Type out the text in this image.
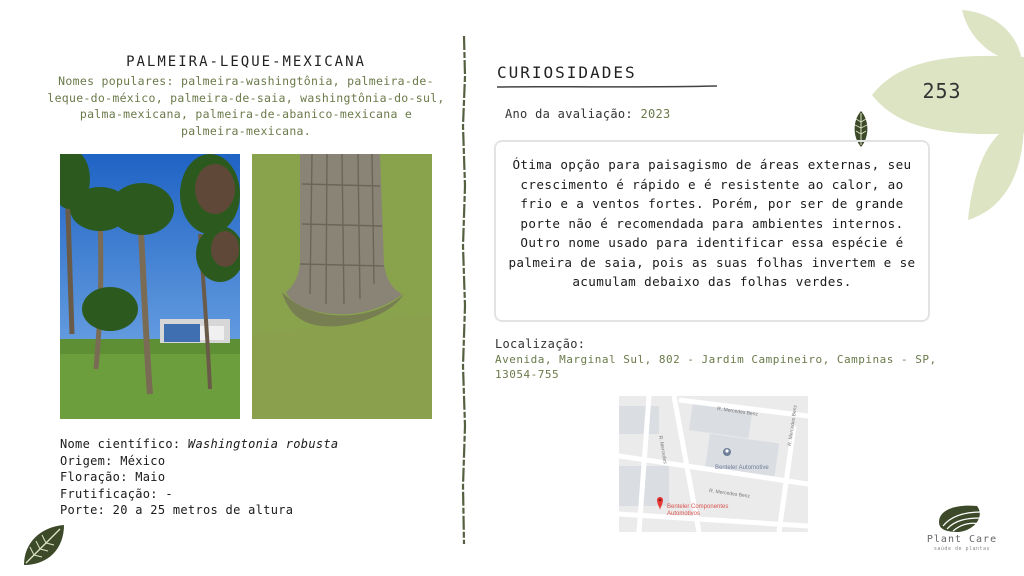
253
PALMEIRA-LEQUE-MEXICANA
Nomes populares: palmeira-washingtônia, palmeira-de-leque-do-méxico, palmeira-de-saia, washingtônia-do-sul, palma-mexicana, palmeira-de-abanico-mexicana e palmeira-mexicana.
Nome científico: Washingtonia robusta
Origem: México
Floração: Maio
Frutificação: -
Porte: 20 a 25 metros de altura
CURIOSIDADES
Ano da avaliação: 2023

Ótima opção para paisagismo de áreas externas, seu crescimento é rápido e é resistente ao calor, ao frio e a ventos fortes. Porém, por ser de grande porte não é recomendada para ambientes internos.

Outro nome usado para identificar essa espécie é palmeira de saia, pois as suas folhas invertem e se acumulam debaixo das folhas verdes.

Localização:
Avenida, Marginal Sul, 802 - Jardim Campineiro, Campinas - SP, 13054-755
R. Mercedes Benz
R. Mercedes
R. Mercedes Benz
R. Mercedes Benz
Benteler Automotive
Benteler Componentes
Automotivos
Plant Care
saúde de plantas
